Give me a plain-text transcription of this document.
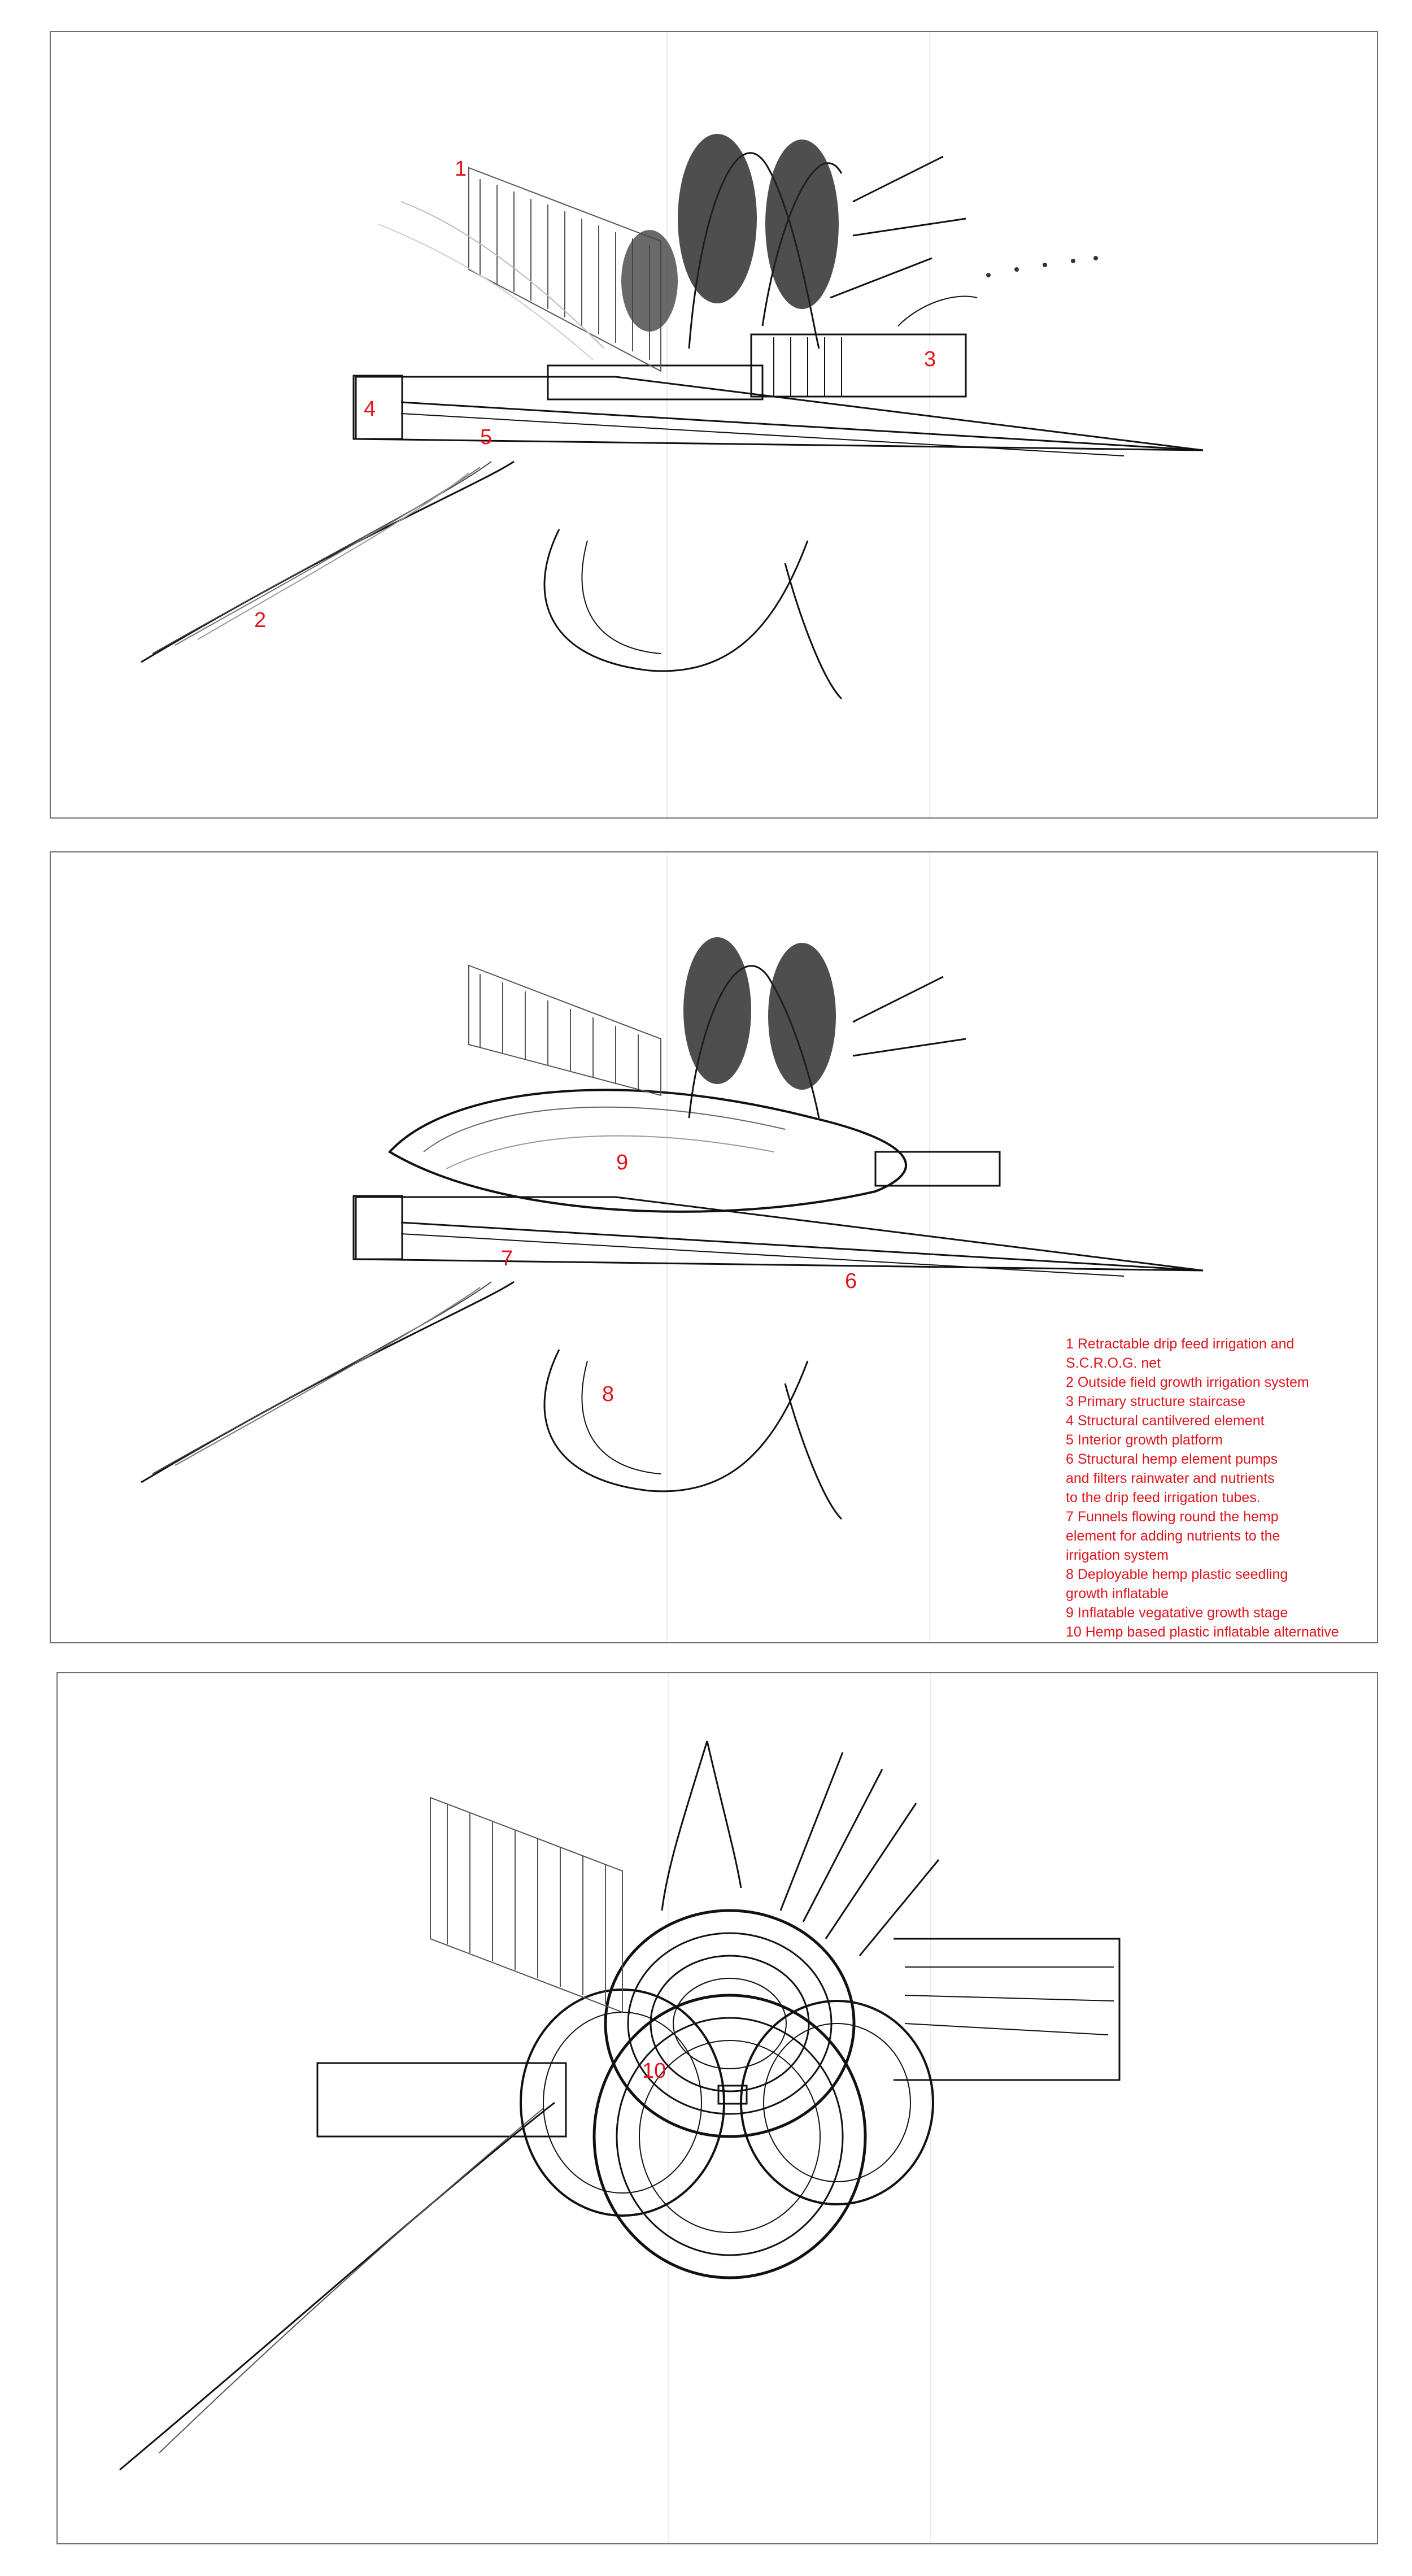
1
2
3
4
5
9
7
6
8
1 Retractable drip feed irrigation and
S.C.R.O.G. net
2 Outside field growth irrigation system
3 Primary structure staircase
4 Structural cantilvered element
5 Interior growth platform
6 Structural hemp element pumps
and filters rainwater and nutrients
to the drip feed irrigation tubes.
7 Funnels flowing round the hemp
element for adding nutrients to the
irrigation system
8 Deployable hemp plastic seedling
growth inflatable
9 Inflatable vegatative growth stage
10 Hemp based plastic inflatable alternative
10
